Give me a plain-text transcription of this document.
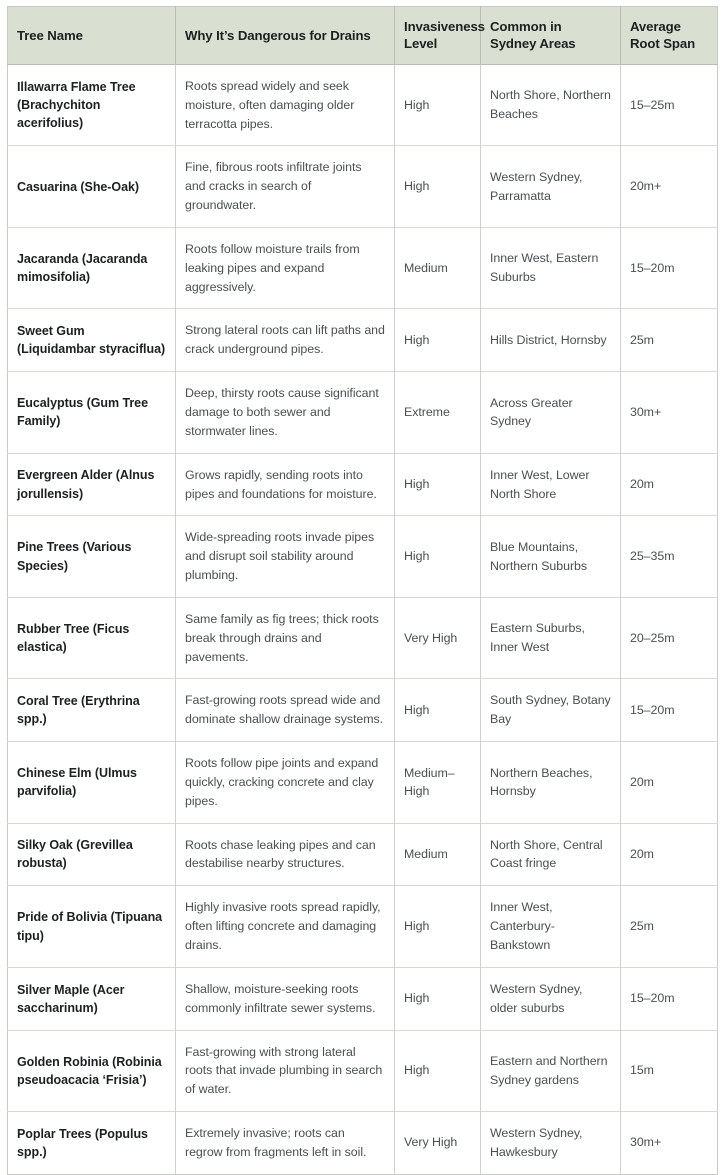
Tree Name	Why It’s Dangerous for Drains	Invasiveness Level	Common in Sydney Areas	Average Root Span
Illawarra Flame Tree (Brachychiton acerifolius)	Roots spread widely and seek moisture, often damaging older terracotta pipes.	High	North Shore, Northern Beaches	15–25m
Casuarina (She-Oak)	Fine, fibrous roots infiltrate joints and cracks in search of groundwater.	High	Western Sydney, Parramatta	20m+
Jacaranda (Jacaranda mimosifolia)	Roots follow moisture trails from leaking pipes and expand aggressively.	Medium	Inner West, Eastern Suburbs	15–20m
Sweet Gum (Liquidambar styraciflua)	Strong lateral roots can lift paths and crack underground pipes.	High	Hills District, Hornsby	25m
Eucalyptus (Gum Tree Family)	Deep, thirsty roots cause significant damage to both sewer and stormwater lines.	Extreme	Across Greater Sydney	30m+
Evergreen Alder (Alnus jorullensis)	Grows rapidly, sending roots into pipes and foundations for moisture.	High	Inner West, Lower North Shore	20m
Pine Trees (Various Species)	Wide-spreading roots invade pipes and disrupt soil stability around plumbing.	High	Blue Mountains, Northern Suburbs	25–35m
Rubber Tree (Ficus elastica)	Same family as fig trees; thick roots break through drains and pavements.	Very High	Eastern Suburbs, Inner West	20–25m
Coral Tree (Erythrina spp.)	Fast-growing roots spread wide and dominate shallow drainage systems.	High	South Sydney, Botany Bay	15–20m
Chinese Elm (Ulmus parvifolia)	Roots follow pipe joints and expand quickly, cracking concrete and clay pipes.	Medium–High	Northern Beaches, Hornsby	20m
Silky Oak (Grevillea robusta)	Roots chase leaking pipes and can destabilise nearby structures.	Medium	North Shore, Central Coast fringe	20m
Pride of Bolivia (Tipuana tipu)	Highly invasive roots spread rapidly, often lifting concrete and damaging drains.	High	Inner West, Canterbury-Bankstown	25m
Silver Maple (Acer saccharinum)	Shallow, moisture-seeking roots commonly infiltrate sewer systems.	High	Western Sydney, older suburbs	15–20m
Golden Robinia (Robinia pseudoacacia ‘Frisia’)	Fast-growing with strong lateral roots that invade plumbing in search of water.	High	Eastern and Northern Sydney gardens	15m
Poplar Trees (Populus spp.)	Extremely invasive; roots can regrow from fragments left in soil.	Very High	Western Sydney, Hawkesbury	30m+
